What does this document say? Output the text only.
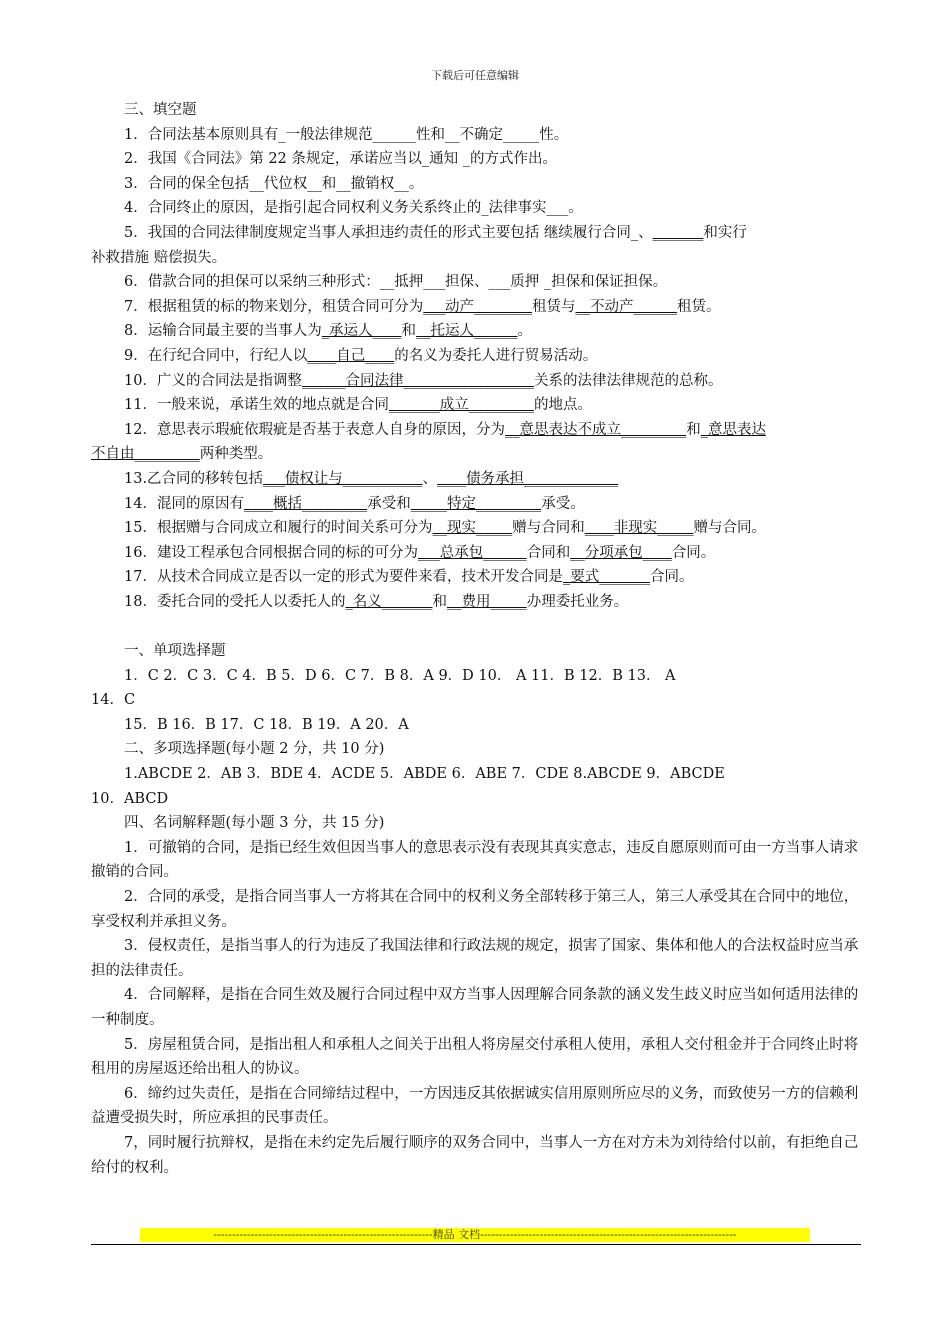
下载后可任意编辑
三、填空题
1．合同法基本原则具有_一般法律规范______性和__不确定_____性。
2．我国《合同法》第 22 条规定，承诺应当以_通知 _的方式作出。
3．合同的保全包括__代位权__和__撤销权__。
4．合同终止的原因，是指引起合同权利义务关系终止的_法律事实___。
5．我国的合同法律制度规定当事人承担违约责任的形式主要包括 继续履行合同_、_______和实行
补救措施 赔偿损失。
6．借款合同的担保可以采纳三种形式：__抵押___担保、___质押 _担保和保证担保。
7．根据租赁的标的物来划分，租赁合同可分为___动产________租赁与__不动产______租赁。
8．运输合同最主要的当事人为_承运人____和__托运人______。
9．在行纪合同中，行纪人以____自己____的名义为委托人进行贸易活动。
10．广义的合同法是指调整______合同法律__________________关系的法律法律规范的总称。
11．一般来说，承诺生效的地点就是合同_______成立_________的地点。
12．意思表示瑕疵依瑕疵是否基于表意人自身的原因，分为__意思表达不成立_________和_意思表达
不自由_________两种类型。
13.乙合同的移转包括___债权让与___________、____债务承担_____________
14．混同的原因有____概括_________承受和_____特定_________承受。
15．根据赠与合同成立和履行的时间关系可分为__现实_____赠与合同和____非现实_____赠与合同。
16．建设工程承包合同根据合同的标的可分为___总承包______合同和__分项承包____合同。
17．从技术合同成立是否以一定的形式为要件来看，技术开发合同是_要式_______合同。
18．委托合同的受托人以委托人的_名义_______和__费用_____办理委托业务。
一、单项选择题
1．C 2．C 3．C 4．B 5．D 6．C 7．B 8．A 9．D 10． A 11．B 12．B 13． A
14．C
15．B 16．B 17．C 18．B 19．A 20．A
二、多项选择题(每小题 2 分，共 10 分)
1.ABCDE 2．AB 3．BDE 4．ACDE 5．ABDE 6．ABE 7．CDE 8.ABCDE 9．ABCDE
10．ABCD
四、名词解释题(每小题 3 分，共 15 分)
1．可撤销的合同，是指已经生效但因当事人的意思表示没有表现其真实意志，违反自愿原则而可由一方当事人请求撤销的合同。
2．合同的承受，是指合同当事人一方将其在合同中的权利义务全部转移于第三人，第三人承受其在合同中的地位，享受权利并承担义务。
3．侵权责任，是指当事人的行为违反了我国法律和行政法规的规定，损害了国家、集体和他人的合法权益时应当承担的法律责任。
4．合同解释，是指在合同生效及履行合同过程中双方当事人因理解合同条款的涵义发生歧义时应当如何适用法律的一种制度。
5．房屋租赁合同，是指出租人和承租人之间关于出租人将房屋交付承租人使用，承租人交付租金并于合同终止时将租用的房屋返还给出租人的协议。
6．缔约过失责任，是指在合同缔结过程中，一方因违反其依据诚实信用原则所应尽的义务，而致使另一方的信赖利益遭受损失时，所应承担的民事责任。
7，同时履行抗辩权，是指在未约定先后履行顺序的双务合同中，当事人一方在对方未为刘待给付以前，有拒绝自己给付的权利。
-----------------------------------------------------------精品 文档---------------------------------------------------------------------
